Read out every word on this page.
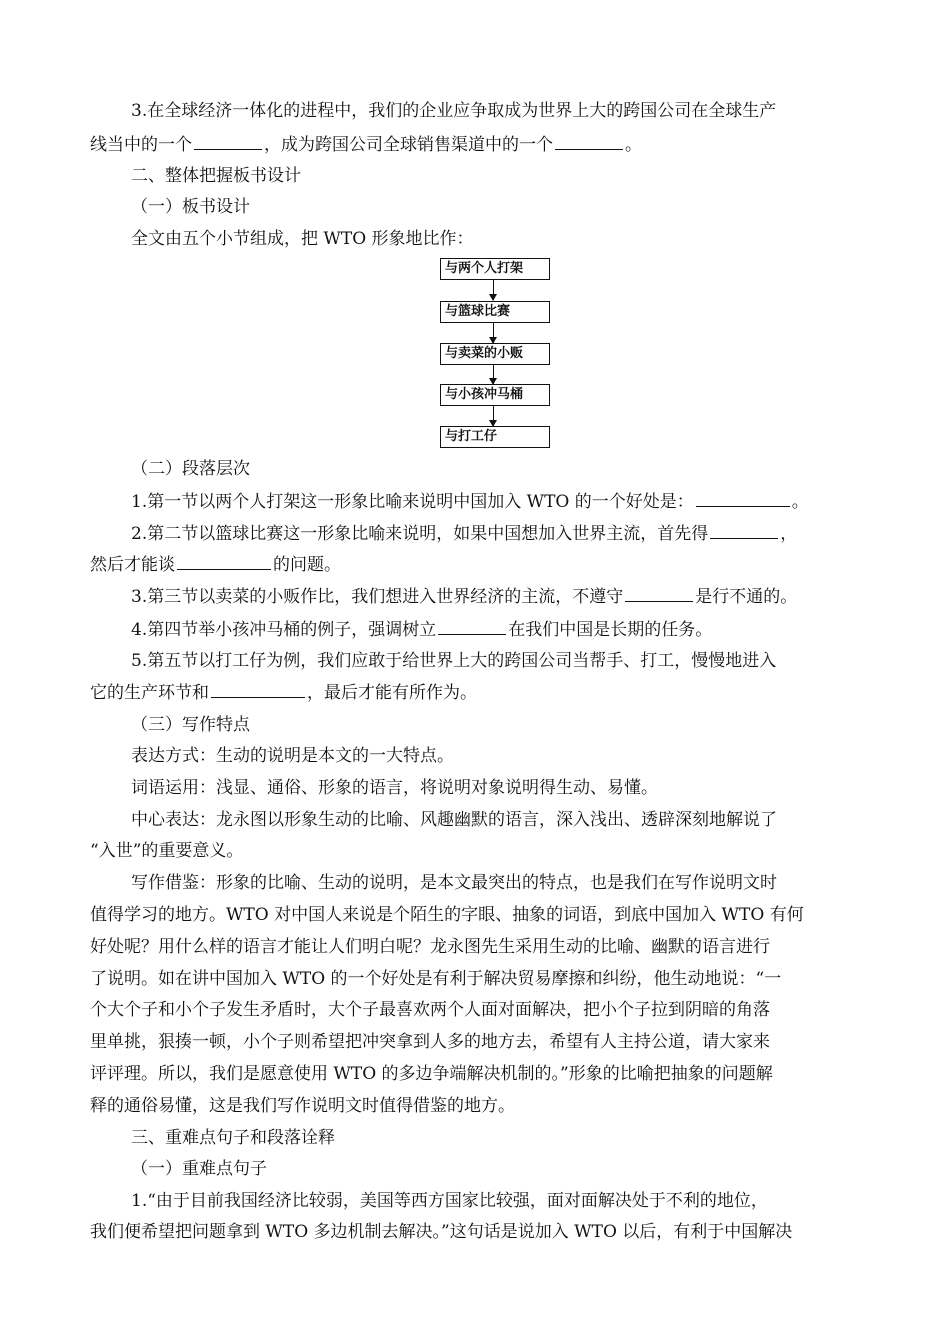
3.在全球经济一体化的进程中，我们的企业应争取成为世界上大的跨国公司在全球生产
线当中的一个	，成为跨国公司全球销售渠道中的一个	。
二、整体把握板书设计
（一）板书设计
全文由五个小节组成，把 WTO 形象地比作：
与两个人打架
与篮球比赛
与卖菜的小贩
与小孩冲马桶
与打工仔
（二）段落层次
1.第一节以两个人打架这一形象比喻来说明中国加入 WTO 的一个好处是：	。
2.第二节以篮球比赛这一形象比喻来说明，如果中国想加入世界主流，首先得	，
然后才能谈	的问题。
3.第三节以卖菜的小贩作比，我们想进入世界经济的主流，不遵守	是行不通的。
4.第四节举小孩冲马桶的例子，强调树立	在我们中国是长期的任务。
5.第五节以打工仔为例，我们应敢于给世界上大的跨国公司当帮手、打工，慢慢地进入
它的生产环节和	，最后才能有所作为。
（三）写作特点
表达方式：生动的说明是本文的一大特点。
词语运用：浅显、通俗、形象的语言，将说明对象说明得生动、易懂。
中心表达：龙永图以形象生动的比喻、风趣幽默的语言，深入浅出、透辟深刻地解说了
“入世”的重要意义。
写作借鉴：形象的比喻、生动的说明，是本文最突出的特点，也是我们在写作说明文时
值得学习的地方。WTO 对中国人来说是个陌生的字眼、抽象的词语，到底中国加入 WTO 有何
好处呢？用什么样的语言才能让人们明白呢？龙永图先生采用生动的比喻、幽默的语言进行
了说明。如在讲中国加入 WTO 的一个好处是有利于解决贸易摩擦和纠纷，他生动地说：“一
个大个子和小个子发生矛盾时，大个子最喜欢两个人面对面解决，把小个子拉到阴暗的角落
里单挑，狠揍一顿，小个子则希望把冲突拿到人多的地方去，希望有人主持公道，请大家来
评评理。所以，我们是愿意使用 WTO 的多边争端解决机制的。”形象的比喻把抽象的问题解
释的通俗易懂，这是我们写作说明文时值得借鉴的地方。
三、重难点句子和段落诠释
（一）重难点句子
1.“由于目前我国经济比较弱，美国等西方国家比较强，面对面解决处于不利的地位，
我们便希望把问题拿到 WTO 多边机制去解决。”这句话是说加入 WTO 以后，有利于中国解决
